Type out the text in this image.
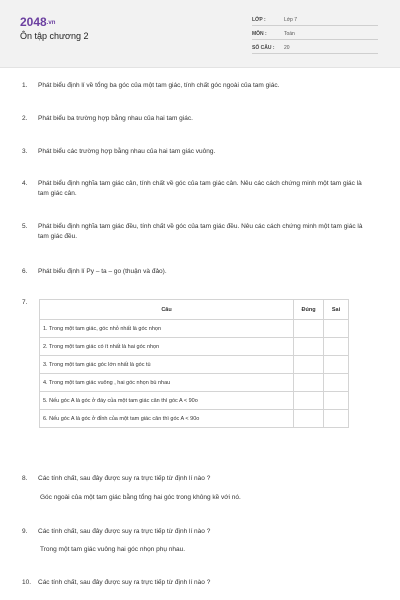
2048.vn
Ôn tập chương 2
LỚP :	Lớp 7
MÔN :	Toán
SỐ CÂU : 20
1. Phát biểu định lí về tổng ba góc của một tam giác, tính chất góc ngoài của tam giác.
2. Phát biểu ba trường hợp bằng nhau của hai tam giác.
3. Phát biểu các trường hợp bằng nhau của hai tam giác vuông.
4. Phát biểu định nghĩa tam giác cân, tính chất về góc của tam giác cân. Nêu các cách chứng minh một tam giác là tam giác cân.
5. Phát biểu định nghĩa tam giác đều, tính chất về góc của tam giác đều. Nêu các cách chứng minh một tam giác là tam giác đều.
6. Phát biểu định lí Py – ta – go (thuận và đảo).
7.
Câu	Đúng	Sai
1. Trong một tam giác, góc nhỏ nhất là góc nhọn		
2. Trong một tam giác có ít nhất là hai góc nhọn		
3. Trong một tam giác góc lớn nhất là góc tù		
4. Trong một tam giác vuông , hai góc nhọn bù nhau		
5. Nếu góc A là góc ở đáy của một tam giác cân thì góc A < 90o		
6. Nếu góc A là góc ở đỉnh của một tam giác cân thì góc A < 90o		
8. Các tính chất, sau đây được suy ra trực tiếp từ định lí nào ?
Góc ngoài của một tam giác bằng tổng hai góc trong không kề với nó.
9. Các tính chất, sau đây được suy ra trực tiếp từ định lí nào ?
Trong một tam giác vuông hai góc nhọn phụ nhau.
10. Các tính chất, sau đây được suy ra trực tiếp từ định lí nào ?
